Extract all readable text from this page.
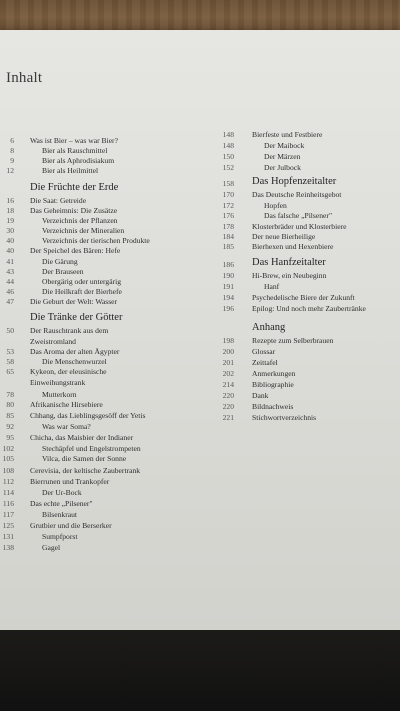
Inhalt
6 Was ist Bier – was war Bier?
8	Bier als Rauschmittel
9	Bier als Aphrodisiakum
12	Bier als Heilmittel
Die Früchte der Erde
16 Die Saat: Getreide
18 Das Geheimnis: Die Zusätze
19	Verzeichnis der Pflanzen
30	Verzeichnis der Mineralien
40	Verzeichnis der tierischen Produkte
40 Der Speichel des Bären: Hefe
41	Die Gärung
43	Der Brauseen
44	Obergärig oder untergärig
46	Die Heilkraft der Bierhefe
47 Die Geburt der Welt: Wasser
Die Tränke der Götter
50 Der Rauschtrank aus dem
Zweistromland
53 Das Aroma der alten Ägypter
58	Die Menschenwurzel
65 Kykeon, der eleusinische
Einweihungstrank
78	Mutterkorn
80 Afrikanische Hirsebiere
85 Chhang, das Lieblingsgesöff der Yetis
92	Was war Soma?
95 Chicha, das Maisbier der Indianer
102	Stechäpfel und Engelstrompeten
105	Vilca, die Samen der Sonne
108 Cerevisia, der keltische Zaubertrank
112 Bierrunen und Trankopfer
114	Der Ur-Bock
116 Das echte „Pilsener"
117	Bilsenkraut
125 Grutbier und die Berserker
131	Sumpfporst
138	Gagel
148 Bierfeste und Festbiere
148	Der Maibock
150	Der Märzen
152	Der Julbock
158 Das Hopfenzeitalter
170 Das Deutsche Reinheitsgebot
172	Hopfen
176	Das falsche „Pilsener"
178 Klosterbräder und Klosterbiere
184 Der neue Bierheilige
185 Bierhexen und Hexenbiere
186 Das Hanfzeitalter
190 Hi-Brew, ein Neubeginn
191	Hanf
194 Psychedelische Biere der Zukunft
196 Epilog: Und noch mehr Zaubertränke
Anhang
198 Rezepte zum Selberbrauen
200 Glossar
201 Zeittafel
202 Anmerkungen
214 Bibliographie
220 Dank
220 Bildnachweis
221 Stichwortverzeichnis
